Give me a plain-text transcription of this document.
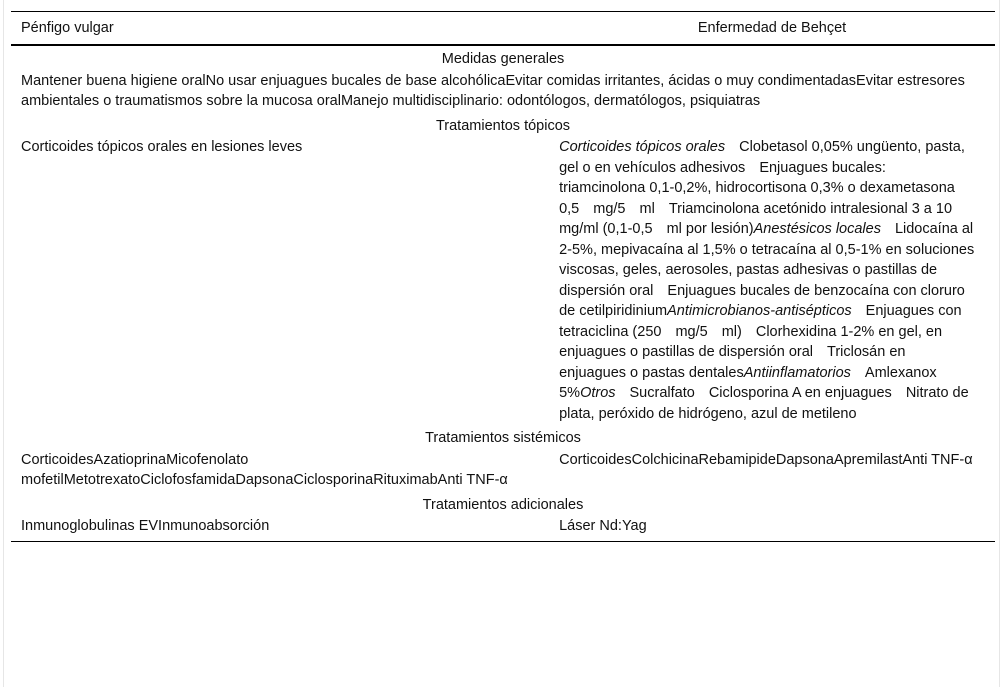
Pénfigo vulgar	Enfermedad de Behçet
Medidas generales	
Mantener buena higiene oralNo usar enjuagues bucales de base alcohólicaEvitar comidas irritantes, ácidas o muy condimentadasEvitar estresores ambientales o traumatismos sobre la mucosa oralManejo multidisciplinario: odontólogos, dermatólogos, psiquiatras	
Tratamientos tópicos	
Corticoides tópicos orales en lesiones leves	Corticoides tópicos orales Clobetasol 0,05% ungüento, pasta, gel o en vehículos adhesivos Enjuagues bucales: triamcinolona 0,1-0,2%, hidrocortisona 0,3% o dexametasona 0,5 mg/5 ml Triamcinolona acetónido intralesional 3 a 10mg/ml (0,1-0,5 ml por lesión)Anestésicos locales Lidocaína al 2-5%, mepivacaína al 1,5% o tetracaína al 0,5-1% en soluciones viscosas, geles, aerosoles, pastas adhesivas o pastillas de dispersión oral Enjuagues bucales de benzocaína con cloruro de cetilpiridiniumAntimicrobianos-antisépticos Enjuagues con tetraciclina (250 mg/5 ml) Clorhexidina 1-2% en gel, en enjuagues o pastillas de dispersión oral Triclosán en enjuagues o pastas dentalesAntiinflamatorios Amlexanox 5%Otros Sucralfato Ciclosporina A en enjuagues Nitrato de plata, peróxido de hidrógeno, azul de metileno
Tratamientos sistémicos	
CorticoidesAzatioprinaMicofenolato mofetilMetotrexatoCiclofosfamidaDapsonaCiclosporinaRituximabAnti TNF-α	CorticoidesColchicinaRebamipideDapsonaApremilastAnti TNF-α
Tratamientos adicionales	
Inmunoglobulinas EVInmunoabsorción	Láser Nd:Yag
